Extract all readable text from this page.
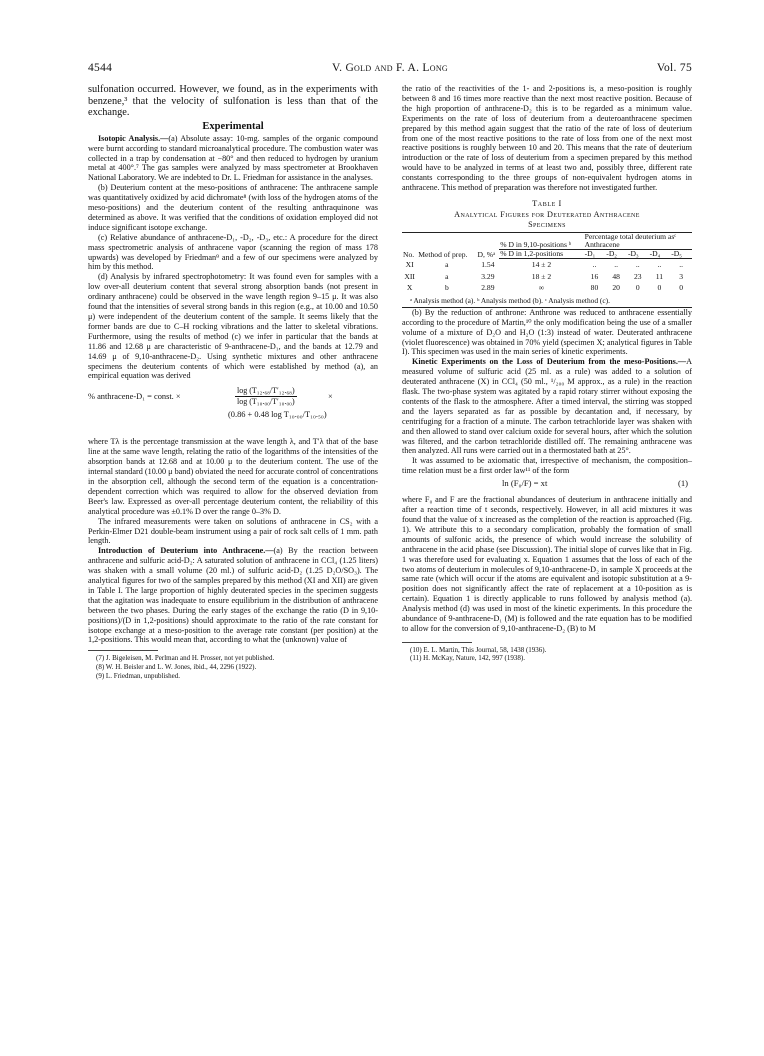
4544	V. Gold and F. A. Long	Vol. 75

sulfonation occurred. However, we found, as in the experiments with benzene,³ that the velocity of sulfonation is less than that of the exchange.

Experimental

Isotopic Analysis.—(a) Absolute assay: 10-mg. samples of the organic compound were burnt according to standard microanalytical procedure. The combustion water was collected in a trap by condensation at −80° and then reduced to hydrogen by uranium metal at 400°.⁷ The gas samples were analyzed by mass spectrometer at Brookhaven National Laboratory. We are indebted to Dr. L. Friedman for assistance in the analyses.

(b) Deuterium content at the meso-positions of anthracene: The anthracene sample was quantitatively oxidized by acid dichromate⁸ (with loss of the hydrogen atoms of the meso-positions) and the deuterium content of the resulting anthraquinone was determined as above. It was verified that the conditions of oxidation employed did not induce significant isotope exchange.

(c) Relative abundance of anthracene-D₁, -D₂, -D₃, etc.: A procedure for the direct mass spectrometric analysis of anthracene vapor (scanning the region of mass 178 upwards) was developed by Friedman⁹ and a few of our specimens were analyzed by him by this method.

(d) Analysis by infrared spectrophotometry: It was found even for samples with a low over-all deuterium content that several strong absorption bands (not present in ordinary anthracene) could be observed in the wave length region 9–15 μ. It was also found that the intensities of several strong bands in this region (e.g., at 10.00 and 10.50 μ) were independent of the deuterium content of the sample. It seems likely that the former bands are due to C–H rocking vibrations and the latter to skeletal vibrations. Furthermore, using the results of method (c) we infer in particular that the bands at 11.86 and 12.68 μ are characteristic of 9-anthracene-D₁, and the bands at 12.79 and 14.69 μ of 9,10-anthracene-D₂. Using synthetic mixtures and other anthracene specimens the deuterium contents of which were established by method (a), an empirical equation was derived

% anthracene-D₁ = const. ×	$\frac{\text{log (T₁₂.₆₈/T′₁₂.₆₈)}}{\text{log (T₁₀.₀₀/T′₁₀.₀₀)}}$	×
(0.86 + 0.48 log T₁₀.₀₀/T₁₀.₅₀)

where Tλ is the percentage transmission at the wave length λ, and T′λ that of the base line at the same wave length, relating the ratio of the logarithms of the intensities of the absorption bands at 12.68 and at 10.00 μ to the deuterium content. The use of the internal standard (10.00 μ band) obviated the need for accurate control of concentrations in the absorption cell, although the second term of the equation is a concentration-dependent correction which was required to allow for the observed deviation from Beer's law. Expressed as over-all percentage deuterium content, the reliability of this analytical procedure was ±0.1% D over the range 0–3% D.

The infrared measurements were taken on solutions of anthracene in CS₂ with a Perkin-Elmer D21 double-beam instrument using a pair of rock salt cells of 1 mm. path length.

Introduction of Deuterium into Anthracene.—(a) By the reaction between anthracene and sulfuric acid-D₂: A saturated solution of anthracene in CCl₄ (1.25 liters) was shaken with a small volume (20 ml.) of sulfuric acid-D₂ (1.25 D₂O/SO₃). The analytical figures for two of the samples prepared by this method (XI and XII) are given in Table I. The large proportion of highly deuterated species in the specimen suggests that the agitation was inadequate to ensure equilibrium in the distribution of anthracene between the two phases. During the early stages of the exchange the ratio (D in 9,10-positions)/(D in 1,2-positions) should approximate to the ratio of the rate constant for isotope exchange at a meso-position to the average rate constant (per position) at the 1,2-positions. This would mean that, according to what the (unknown) value of

(7) J. Bigeleisen, M. Perlman and H. Prosser, not yet published.

(8) W. H. Beisler and L. W. Jones, ibid., 44, 2296 (1922).

(9) L. Friedman, unpublished.

the ratio of the reactivities of the 1- and 2-positions is, a meso-position is roughly between 8 and 16 times more reactive than the next most reactive position. Because of the high proportion of anthracene-D₂ this is to be regarded as a minimum value. Experiments on the rate of loss of deuterium from a deuteroanthracene specimen prepared by this method again suggest that the ratio of the rate of loss of deuterium from one of the most reactive positions to the rate of loss from one of the next most reactive positions is roughly between 10 and 20. This means that the rate of deuterium introduction or the rate of loss of deuterium from a specimen prepared by this method would have to be analyzed in terms of at least two and, possibly three, different rate constants corresponding to the three groups of non-equivalent hydrogen atoms in anthracene. This method of preparation was therefore not investigated further.

Table I
Analytical Figures for Deuterated Anthracene
Specimens
No.	Method of prep.	D, %ᵃ	% D in 9,10-positions ᵇ	Percentage total deuterium asᶜ				
				Anthracene				
			% D in 1,2-positions	-D₁	-D₂	-D₃	-D₄	-D₅
XI	a	1.54	14 ± 2	..	..	..	..	..
XII	a	3.29	18 ± 2	16	48	23	11	3
X	b	2.89	∞	80	20	0	0	0

ᵃ Analysis method (a). ᵇ Analysis method (b). ᶜ Analysis method (c).

(b) By the reduction of anthrone: Anthrone was reduced to anthracene essentially according to the procedure of Martin,¹⁰ the only modification being the use of a smaller volume of a mixture of D₂O and H₂O (1:3) instead of water. Deuterated anthracene (violet fluorescence) was obtained in 70% yield (specimen X; analytical figures in Table I). This specimen was used in the main series of kinetic experiments.

Kinetic Experiments on the Loss of Deuterium from the meso-Positions.—A measured volume of sulfuric acid (25 ml. as a rule) was added to a solution of deuterated anthracene (X) in CCl₄ (50 ml., ¹/₂₀₀ M approx., as a rule) in the reaction flask. The two-phase system was agitated by a rapid rotary stirrer without exposing the contents of the flask to the atmosphere. After a timed interval, the stirring was stopped and the layers separated as far as possible by decantation and, if necessary, by centrifuging for a fraction of a minute. The carbon tetrachloride layer was shaken with and then allowed to stand over calcium oxide for several hours, after which the solution was filtered, and the carbon tetrachloride distilled off. The remaining anthracene was then analyzed. All runs were carried out in a thermostated bath at 25°.

It was assumed to be axiomatic that, irrespective of mechanism, the composition–time relation must be a first order law¹¹ of the form

ln (F₀/F) = xt	(1)

where F₀ and F are the fractional abundances of deuterium in anthracene initially and after a reaction time of t seconds, respectively. However, in all acid mixtures it was found that the value of x increased as the completion of the reaction is approached (Fig. 1). We attribute this to a secondary complication, probably the formation of small amounts of sulfonic acids, the presence of which would increase the solubility of anthracene in the acid phase (see Discussion). The initial slope of curves like that in Fig. 1 was therefore used for evaluating x. Equation 1 assumes that the loss of each of the two atoms of deuterium in molecules of 9,10-anthracene-D₂ in sample X proceeds at the same rate (which will occur if the atoms are equivalent and isotopic substitution at a 9-position does not significantly affect the rate of replacement at a 10-position as is certain). Equation 1 is directly applicable to runs followed by analysis method (a). Analysis method (d) was used in most of the kinetic experiments. In this procedure the abundance of 9-anthracene-D₁ (M) is followed and the rate equation has to be modified to allow for the conversion of 9,10-anthracene-D₂ (B) to M

(10) E. L. Martin, This Journal, 58, 1438 (1936).

(11) H. McKay, Nature, 142, 997 (1938).
